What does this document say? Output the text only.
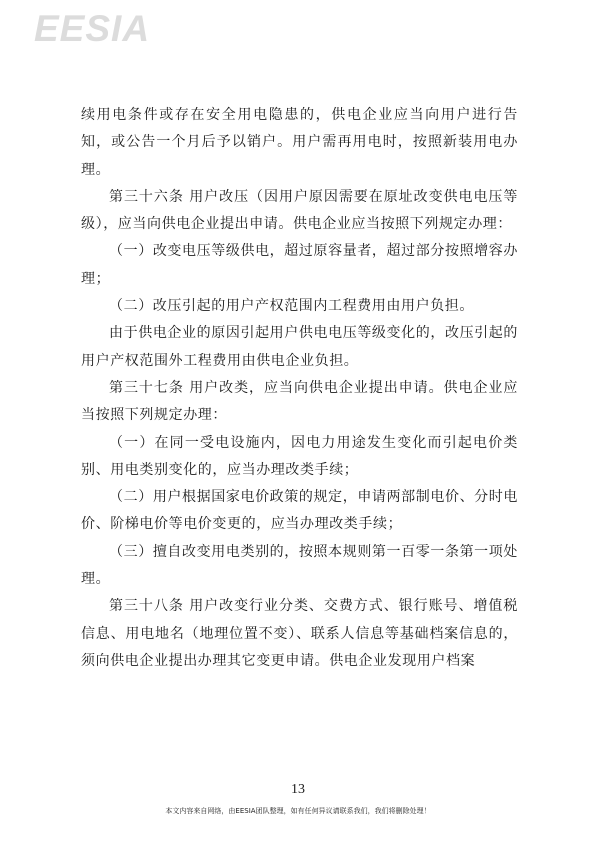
EESIA

续用电条件或存在安全用电隐患的，供电企业应当向用户进行告知，或公告一个月后予以销户。用户需再用电时，按照新装用电办理。

第三十六条 用户改压（因用户原因需要在原址改变供电电压等级），应当向供电企业提出申请。供电企业应当按照下列规定办理：

（一）改变电压等级供电，超过原容量者，超过部分按照增容办理；

（二）改压引起的用户产权范围内工程费用由用户负担。

由于供电企业的原因引起用户供电电压等级变化的，改压引起的用户产权范围外工程费用由供电企业负担。

第三十七条 用户改类，应当向供电企业提出申请。供电企业应当按照下列规定办理：

（一）在同一受电设施内，因电力用途发生变化而引起电价类别、用电类别变化的，应当办理改类手续；

（二）用户根据国家电价政策的规定，申请两部制电价、分时电价、阶梯电价等电价变更的，应当办理改类手续；

（三）擅自改变用电类别的，按照本规则第一百零一条第一项处理。

第三十八条 用户改变行业分类、交费方式、银行账号、增值税信息、用电地名（地理位置不变）、联系人信息等基础档案信息的，须向供电企业提出办理其它变更申请。供电企业发现用户档案

13
本文内容来自网络，由EESIA团队整理，如有任何异议请联系我们，我们将删除处理！
